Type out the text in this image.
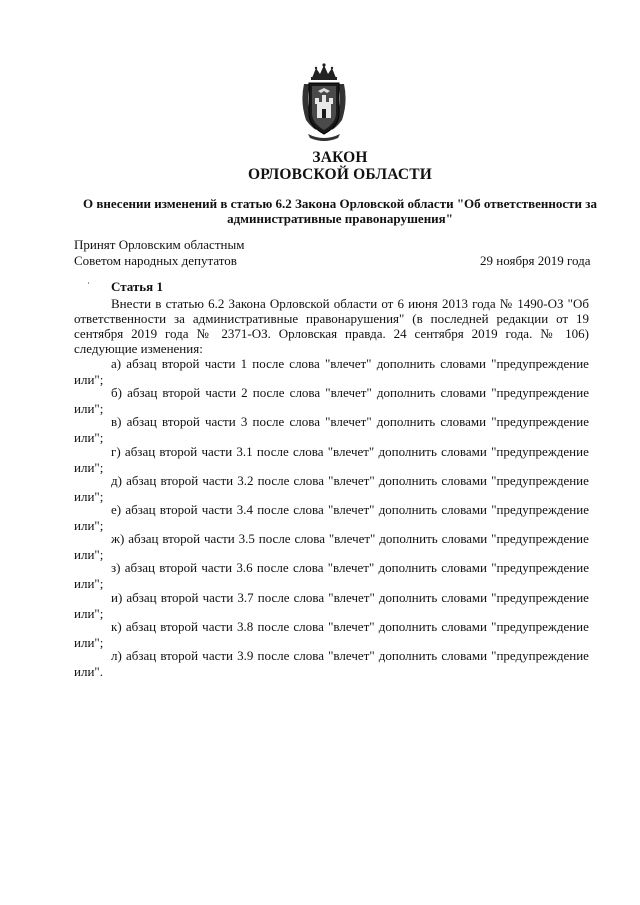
ЗАКОН
ОРЛОВСКОЙ ОБЛАСТИ
О внесении изменений в статью 6.2 Закона Орловской области "Об ответственности за административные правонарушения"
Принят Орловским областным
Советом народных депутатов	29 ноября 2019 года
Статья 1
Внести в статью 6.2 Закона Орловской области от 6 июня 2013 года № 1490-ОЗ "Об ответственности за административные правонарушения" (в последней редакции от 19 сентября 2019 года № 2371-ОЗ. Орловская правда. 24 сентября 2019 года. № 106) следующие изменения:
а) абзац второй части 1 после слова "влечет" дополнить словами "предупреждение
или";
б) абзац второй части 2 после слова "влечет" дополнить словами "предупреждение
или";
в) абзац второй части 3 после слова "влечет" дополнить словами "предупреждение
или";
г) абзац второй части 3.1 после слова "влечет" дополнить словами "предупреждение
или";
д) абзац второй части 3.2 после слова "влечет" дополнить словами "предупреждение
или";
е) абзац второй части 3.4 после слова "влечет" дополнить словами "предупреждение
или";
ж) абзац второй части 3.5 после слова "влечет" дополнить словами "предупреждение
или";
з) абзац второй части 3.6 после слова "влечет" дополнить словами "предупреждение
или";
и) абзац второй части 3.7 после слова "влечет" дополнить словами "предупреждение
или";
к) абзац второй части 3.8 после слова "влечет" дополнить словами "предупреждение
или";
л) абзац второй части 3.9 после слова "влечет" дополнить словами "предупреждение
или".
